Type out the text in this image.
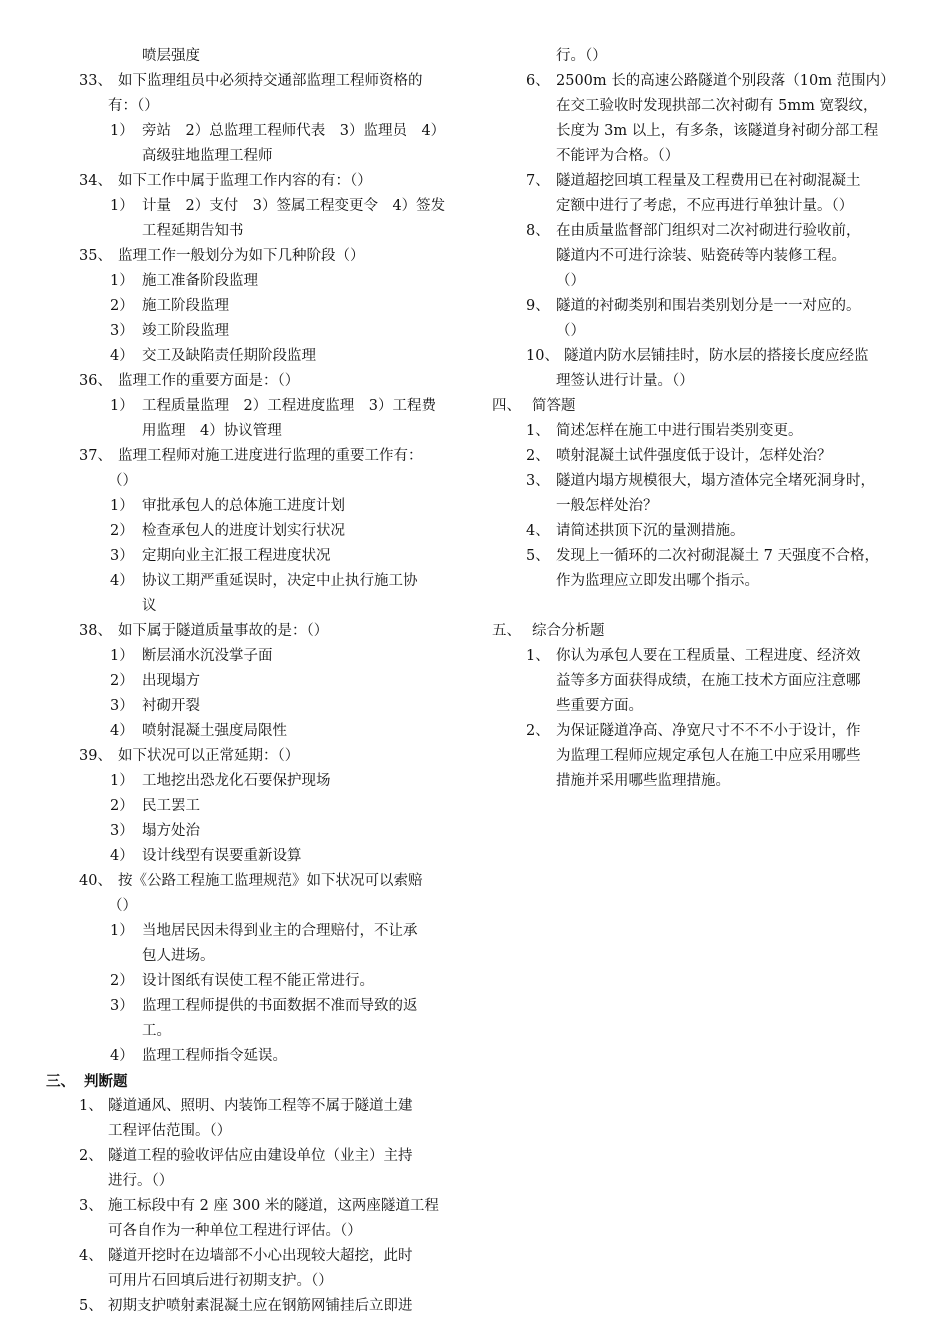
喷层强度
33、 如下监理组员中必须持交通部监理工程师资格的
有：（）
1） 旁站　2）总监理工程师代表　3）监理员　4）
高级驻地监理工程师
34、 如下工作中属于监理工作内容的有：（）
1） 计量　2）支付　3）签属工程变更令　4）签发
工程延期告知书
35、 监理工作一般划分为如下几种阶段（）
1） 施工准备阶段监理
2） 施工阶段监理
3） 竣工阶段监理
4） 交工及缺陷责任期阶段监理
36、 监理工作的重要方面是：（）
1） 工程质量监理　2）工程进度监理　3）工程费
用监理　4）协议管理
37、 监理工程师对施工进度进行监理的重要工作有：
（）
1） 审批承包人的总体施工进度计划
2） 检查承包人的进度计划实行状况
3） 定期向业主汇报工程进度状况
4） 协议工期严重延误时，决定中止执行施工协
议
38、 如下属于隧道质量事故的是：（）
1） 断层涌水沉没掌子面
2） 出现塌方
3） 衬砌开裂
4） 喷射混凝土强度局限性
39、 如下状况可以正常延期：（）
1） 工地挖出恐龙化石要保护现场
2） 民工罢工
3） 塌方处治
4） 设计线型有误要重新设算
40、 按《公路工程施工监理规范》如下状况可以索赔
（）
1） 当地居民因未得到业主的合理赔付，不让承
包人进场。
2） 设计图纸有误使工程不能正常进行。
3） 监理工程师提供的书面数据不准而导致的返
工。
4） 监理工程师指令延误。
三、 判断题
1、 隧道通风、照明、内装饰工程等不属于隧道土建
工程评估范围。（）
2、 隧道工程的验收评估应由建设单位（业主）主持
进行。（）
3、 施工标段中有 2 座 300 米的隧道，这两座隧道工程
可各自作为一种单位工程进行评估。（）
4、 隧道开挖时在边墙部不小心出现较大超挖，此时
可用片石回填后进行初期支护。（）
5、 初期支护喷射素混凝土应在钢筋网铺挂后立即进
行。（）
6、 2500m 长的高速公路隧道个别段落（10m 范围内）
在交工验收时发现拱部二次衬砌有 5mm 宽裂纹，
长度为 3m 以上，有多条，该隧道身衬砌分部工程
不能评为合格。（）
7、 隧道超挖回填工程量及工程费用已在衬砌混凝土
定额中进行了考虑，不应再进行单独计量。（）
8、 在由质量监督部门组织对二次衬砌进行验收前，
隧道内不可进行涂装、贴瓷砖等内装修工程。
（）
9、 隧道的衬砌类别和围岩类别划分是一一对应的。
（）
10、 隧道内防水层铺挂时，防水层的搭接长度应经监
理签认进行计量。（）
四、 简答题
1、 简述怎样在施工中进行围岩类别变更。
2、 喷射混凝土试件强度低于设计，怎样处治？
3、 隧道内塌方规模很大，塌方渣体完全堵死洞身时，
一般怎样处治？
4、 请简述拱顶下沉的量测措施。
5、 发现上一循环的二次衬砌混凝土 7 天强度不合格，
作为监理应立即发出哪个指示。
五、 综合分析题
1、 你认为承包人要在工程质量、工程进度、经济效
益等多方面获得成绩，在施工技术方面应注意哪
些重要方面。
2、 为保证隧道净高、净宽尺寸不不不小于设计，作
为监理工程师应规定承包人在施工中应采用哪些
措施并采用哪些监理措施。
